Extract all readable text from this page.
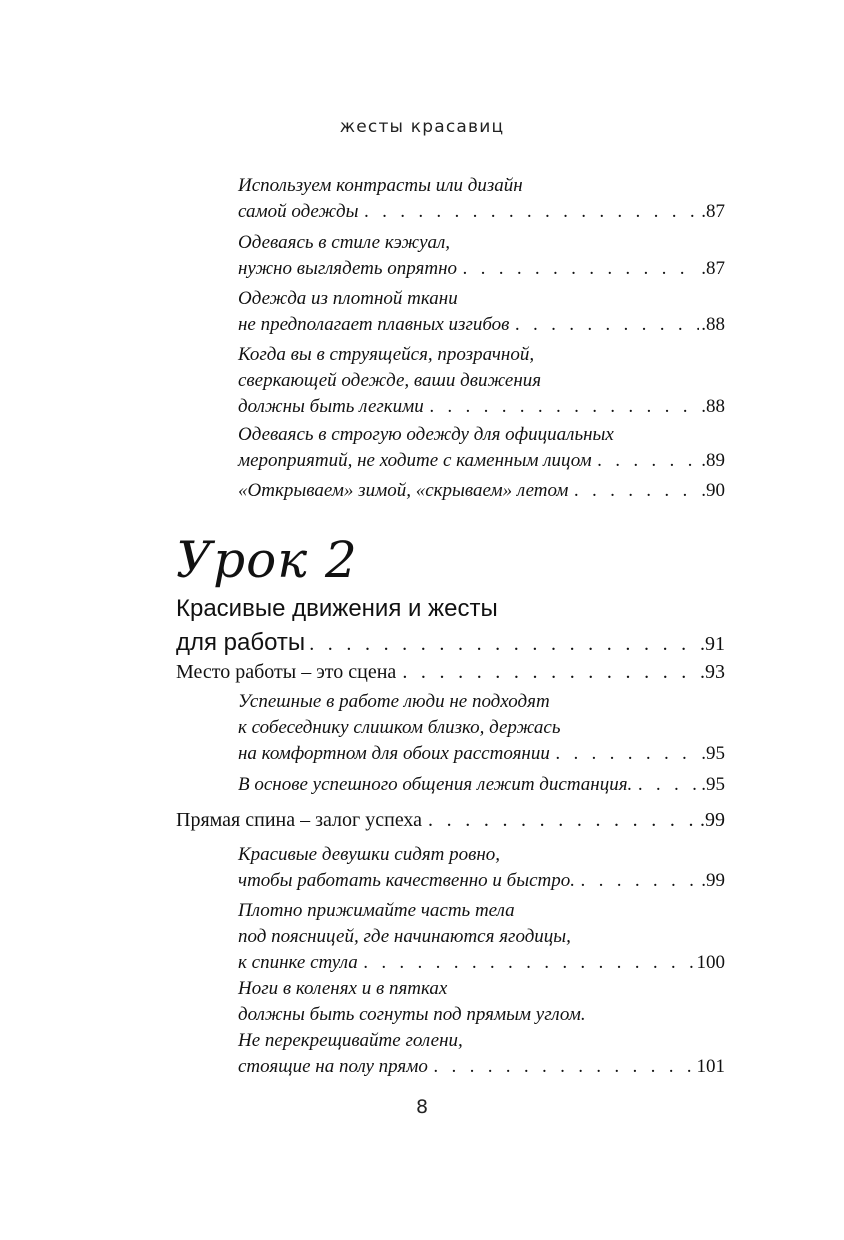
жесты красавиц
Используем контрасты или дизайн
самой одежды . . .	.87
Одеваясь в стиле кэжуал,
нужно выглядеть опрятно . . .	.87
Одежда из плотной ткани
не предполагает плавных изгибов . . .	.88
Когда вы в струящейся, прозрачной,
сверкающей одежде, ваши движения
должны быть легкими . . .	.88
Одеваясь в строгую одежду для официальных
мероприятий, не ходите с каменным лицом . . .	.89
«Открываем» зимой, «скрываем» летом . . .	.90
Урок 2
Красивые движения и жесты
для работы . . .	.91
Место работы – это сцена . . .	.93
Успешные в работе люди не подходят
к собеседнику слишком близко, держась
на комфортном для обоих расстоянии . . .	.95
В основе успешного общения лежит дистанция. . . .	.95
Прямая спина – залог успеха . . .	.99
Красивые девушки сидят ровно,
чтобы работать качественно и быстро. . . .	.99
Плотно прижимайте часть тела
под поясницей, где начинаются ягодицы,
к спинке стула . . .	100
Ноги в коленях и в пятках
должны быть согнуты под прямым углом.
Не перекрещивайте голени,
стоящие на полу прямо . . .	101
8
